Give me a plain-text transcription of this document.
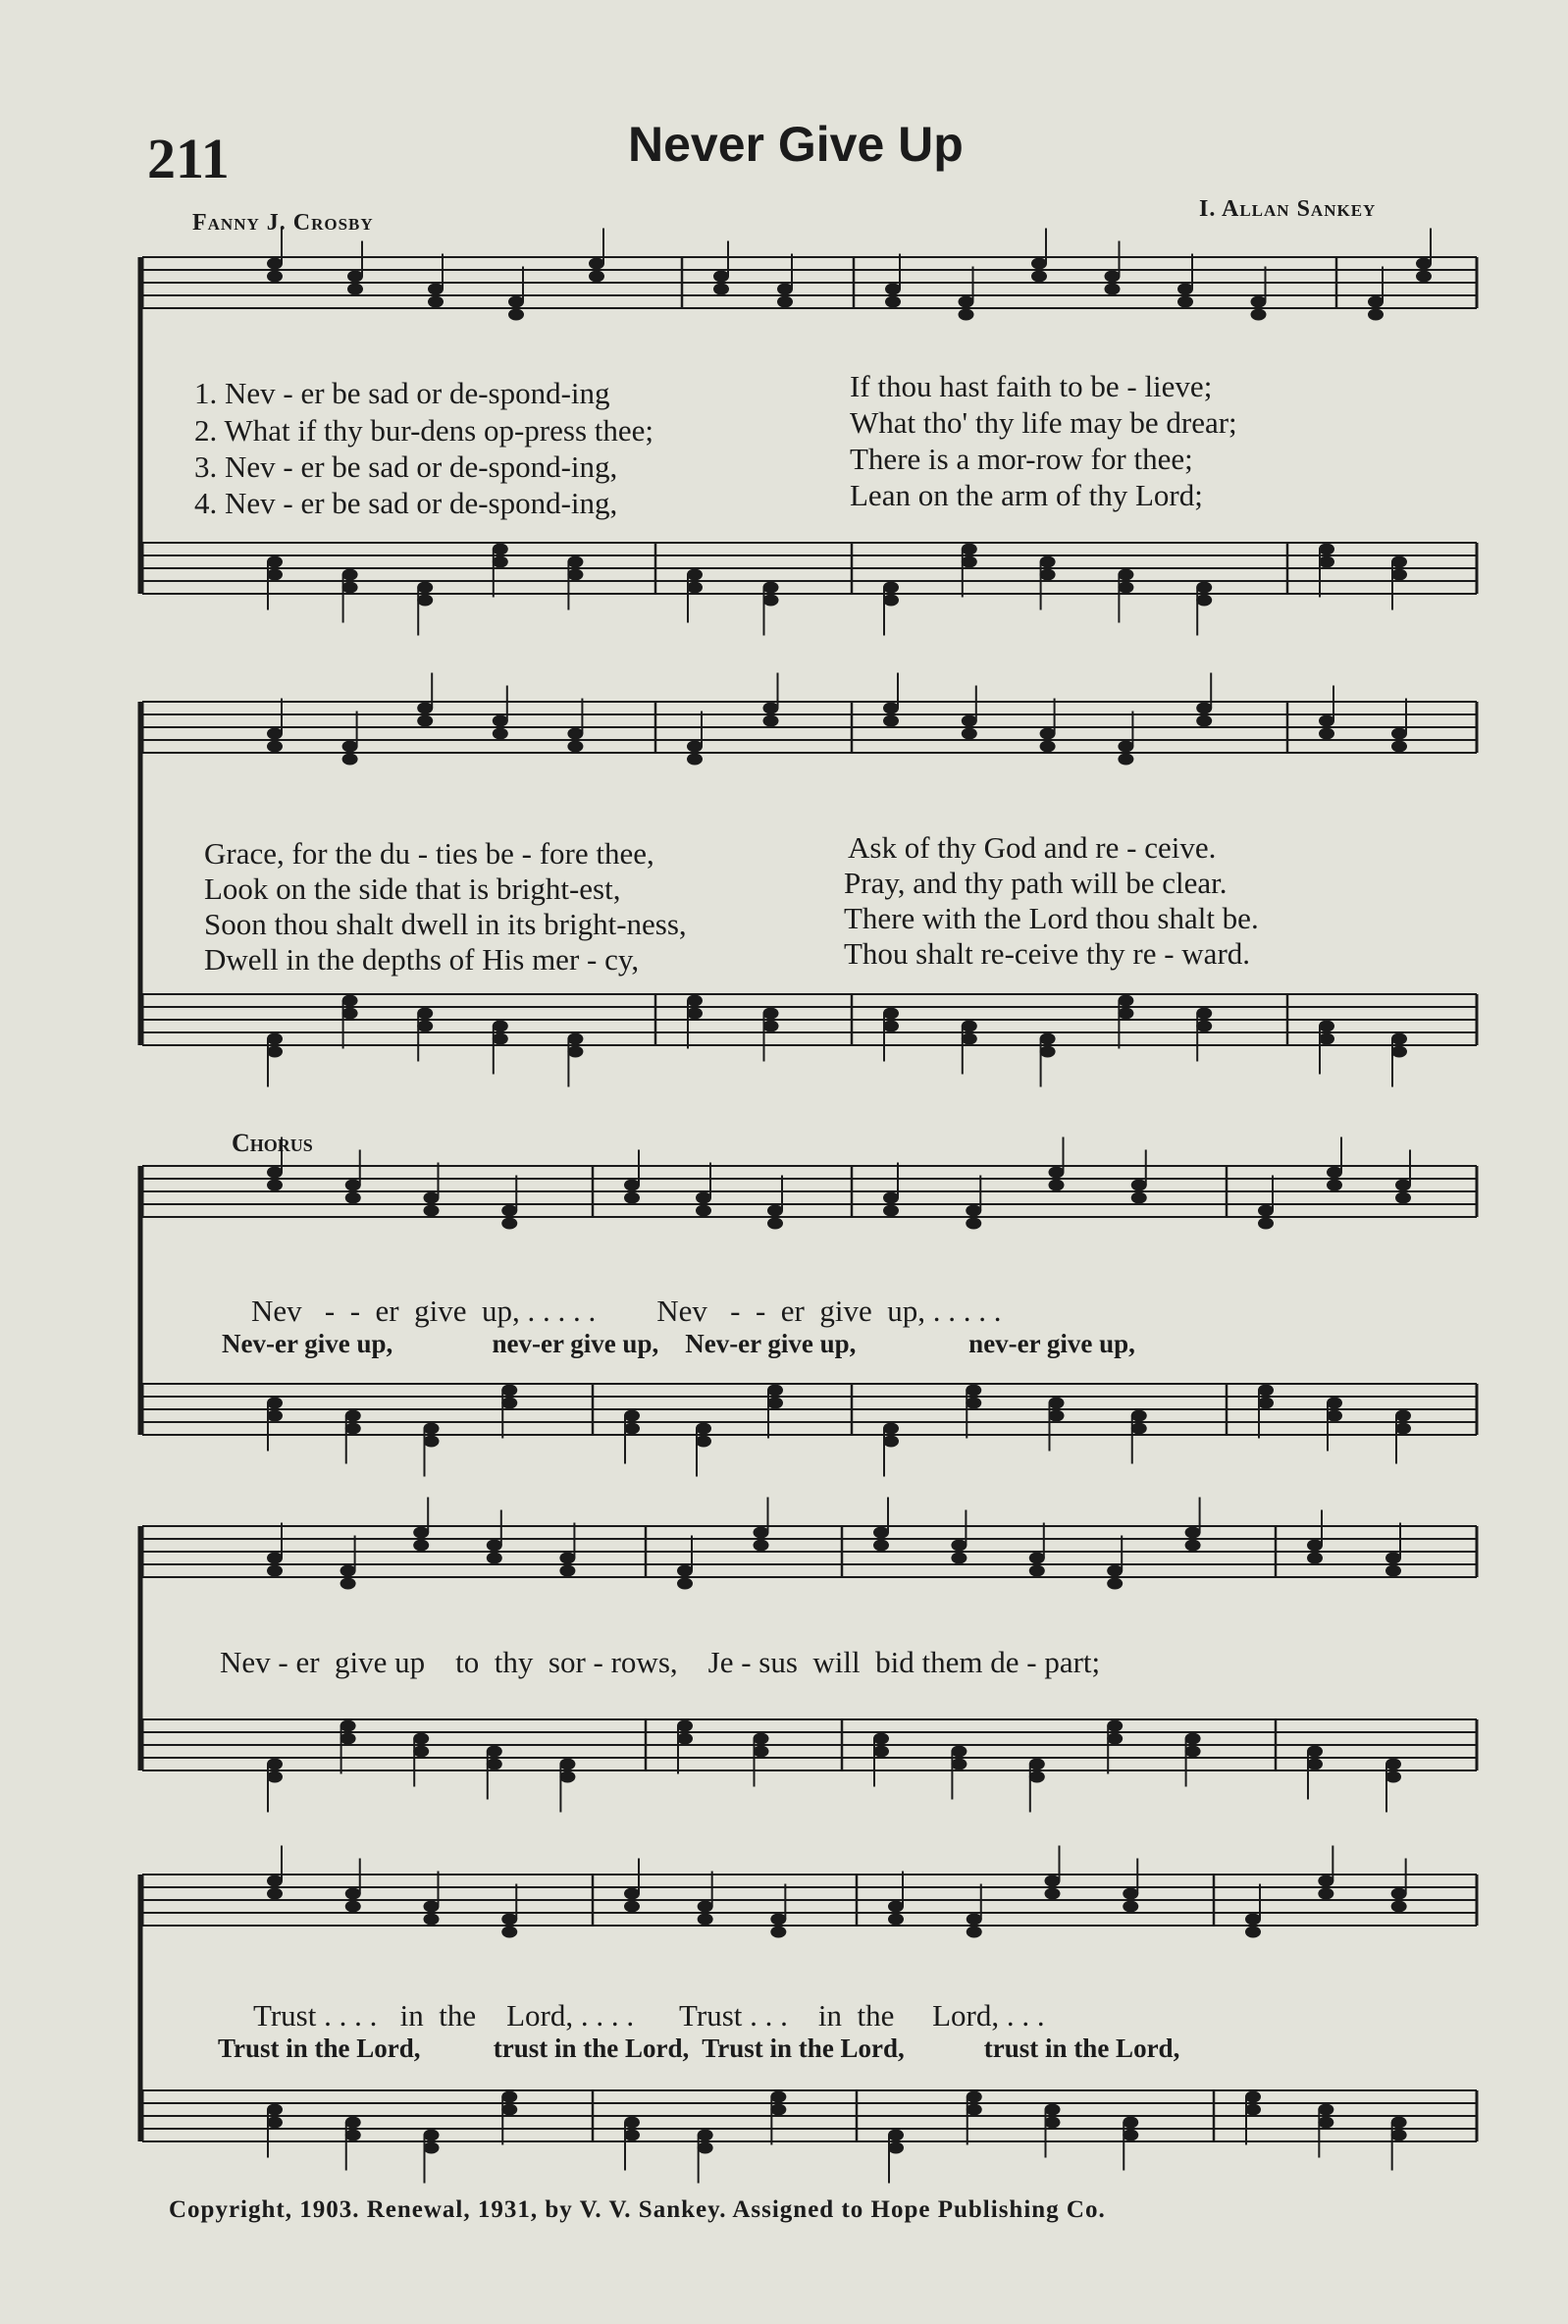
211	Never Give Up
Fanny J. Crosby
I. Allan Sankey
1. Nev - er be sad or de-spond-ing	If thou hast faith to be - lieve;
2. What if thy bur-dens op-press thee;	What tho' thy life may be drear;
3. Nev - er be sad or de-spond-ing,	There is a mor-row for thee;
4. Nev - er be sad or de-spond-ing,	Lean on the arm of thy Lord;
Grace, for the du - ties be - fore thee,	Ask of thy God and re - ceive.
Look on the side that is bright-est,	Pray, and thy path will be clear.
Soon thou shalt dwell in its bright-ness,	There with the Lord thou shalt be.
Dwell in the depths of His mer - cy,	Thou shalt re-ceive thy re - ward.
Chorus
Nev   -  -  er  give  up, . . . . .        Nev   -  -  er  give  up, . . . . .
Nev-er give up,               nev-er give up,    Nev-er give up,                 nev-er give up,
Nev - er  give up    to  thy  sor - rows,    Je - sus  will  bid them de - part;
Trust . . . .   in  the    Lord, . . . .      Trust . . .    in  the     Lord, . . .
Trust in the Lord,           trust in the Lord,  Trust in the Lord,            trust in the Lord,
Copyright, 1903. Renewal, 1931, by V. V. Sankey. Assigned to Hope Publishing Co.
